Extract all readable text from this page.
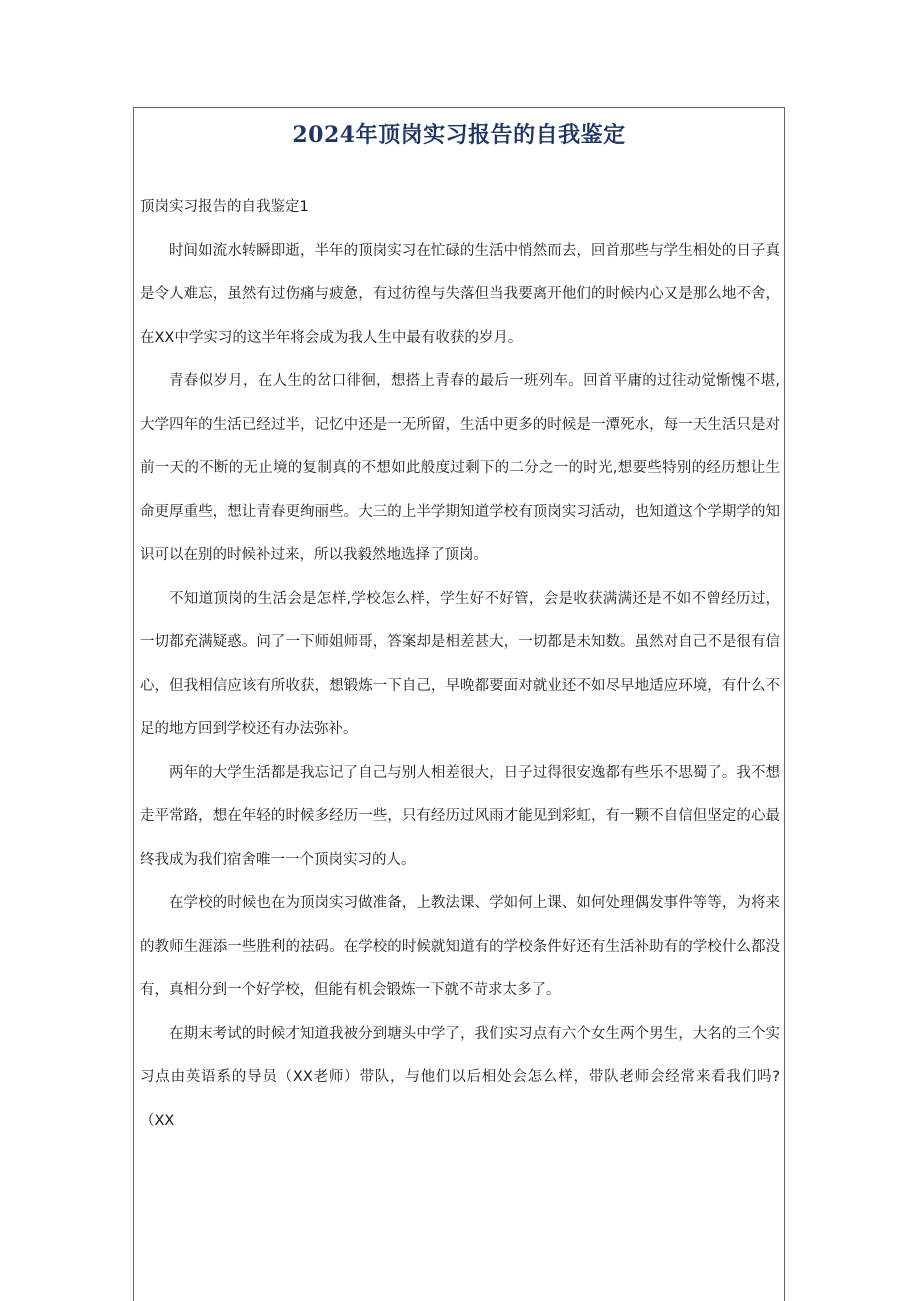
2024年顶岗实习报告的自我鉴定

顶岗实习报告的自我鉴定1

时间如流水转瞬即逝，半年的顶岗实习在忙碌的生活中悄然而去，回首那些与学生相处的日子真是令人难忘，虽然有过伤痛与疲惫，有过彷徨与失落但当我要离开他们的时候内心又是那么地不舍，在XX中学实习的这半年将会成为我人生中最有收获的岁月。

青春似岁月，在人生的岔口徘徊，想搭上青春的最后一班列车。回首平庸的过往动觉惭愧不堪,大学四年的生活已经过半，记忆中还是一无所留，生活中更多的时候是一潭死水，每一天生活只是对前一天的不断的无止境的复制真的不想如此般度过剩下的二分之一的时光,想要些特别的经历想让生命更厚重些，想让青春更绚丽些。大三的上半学期知道学校有顶岗实习活动，也知道这个学期学的知识可以在别的时候补过来，所以我毅然地选择了顶岗。

不知道顶岗的生活会是怎样,学校怎么样，学生好不好管，会是收获满满还是不如不曾经历过，一切都充满疑惑。问了一下师姐师哥，答案却是相差甚大，一切都是未知数。虽然对自己不是很有信心，但我相信应该有所收获，想锻炼一下自己，早晚都要面对就业还不如尽早地适应环境，有什么不足的地方回到学校还有办法弥补。

两年的大学生活都是我忘记了自己与别人相差很大，日子过得很安逸都有些乐不思蜀了。我不想走平常路，想在年轻的时候多经历一些，只有经历过风雨才能见到彩虹，有一颗不自信但坚定的心最终我成为我们宿舍唯一一个顶岗实习的人。

在学校的时候也在为顶岗实习做准备，上教法课、学如何上课、如何处理偶发事件等等，为将来的教师生涯添一些胜利的祛码。在学校的时候就知道有的学校条件好还有生活补助有的学校什么都没有，真相分到一个好学校，但能有机会锻炼一下就不苛求太多了。

在期末考试的时候才知道我被分到塘头中学了，我们实习点有六个女生两个男生，大名的三个实习点由英语系的导员（XX老师）带队，与他们以后相处会怎么样，带队老师会经常来看我们吗?（XX
